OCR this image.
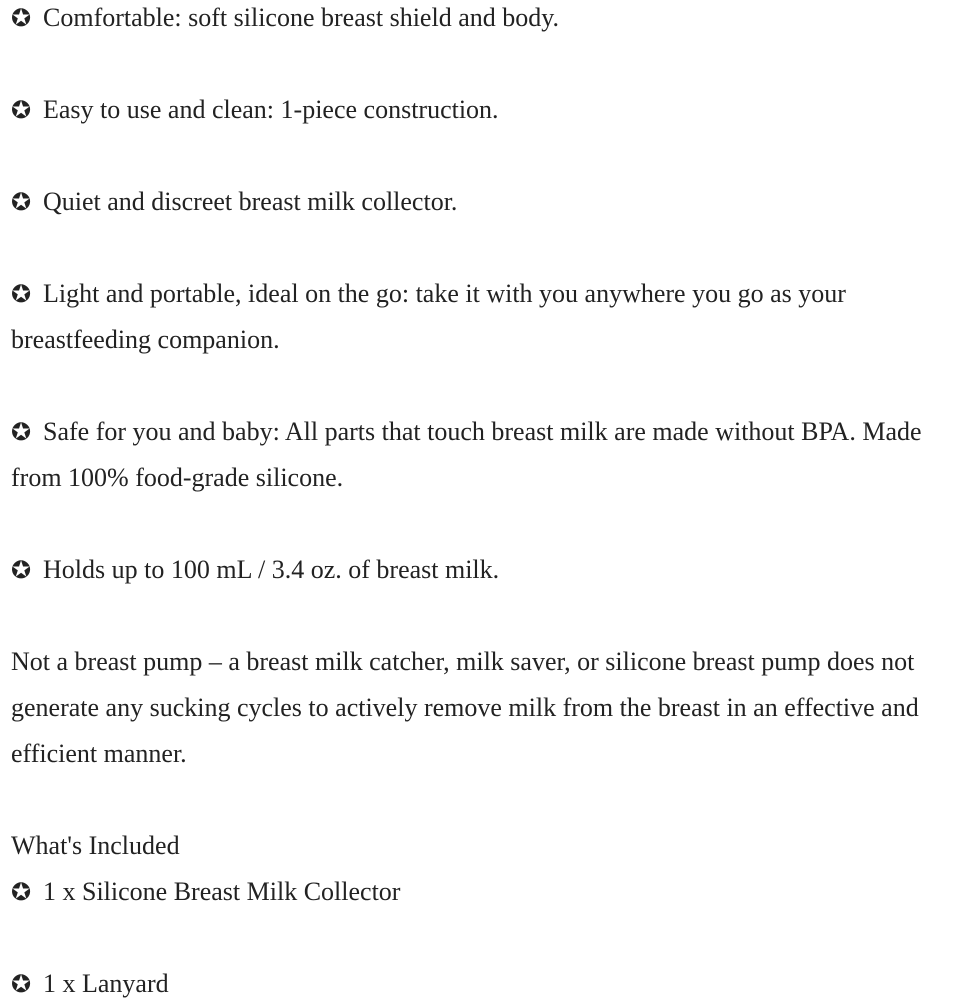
✪ Comfortable: soft silicone breast shield and body.

✪ Easy to use and clean: 1-piece construction.

✪ Quiet and discreet breast milk collector.

✪ Light and portable, ideal on the go: take it with you anywhere you go as your breastfeeding companion.

✪ Safe for you and baby: All parts that touch breast milk are made without BPA. Made from 100% food-grade silicone.

✪ Holds up to 100 mL / 3.4 oz. of breast milk.

Not a breast pump – a breast milk catcher, milk saver, or silicone breast pump does not generate any sucking cycles to actively remove milk from the breast in an effective and efficient manner.

What's Included

✪ 1 x Silicone Breast Milk Collector

✪ 1 x Lanyard
